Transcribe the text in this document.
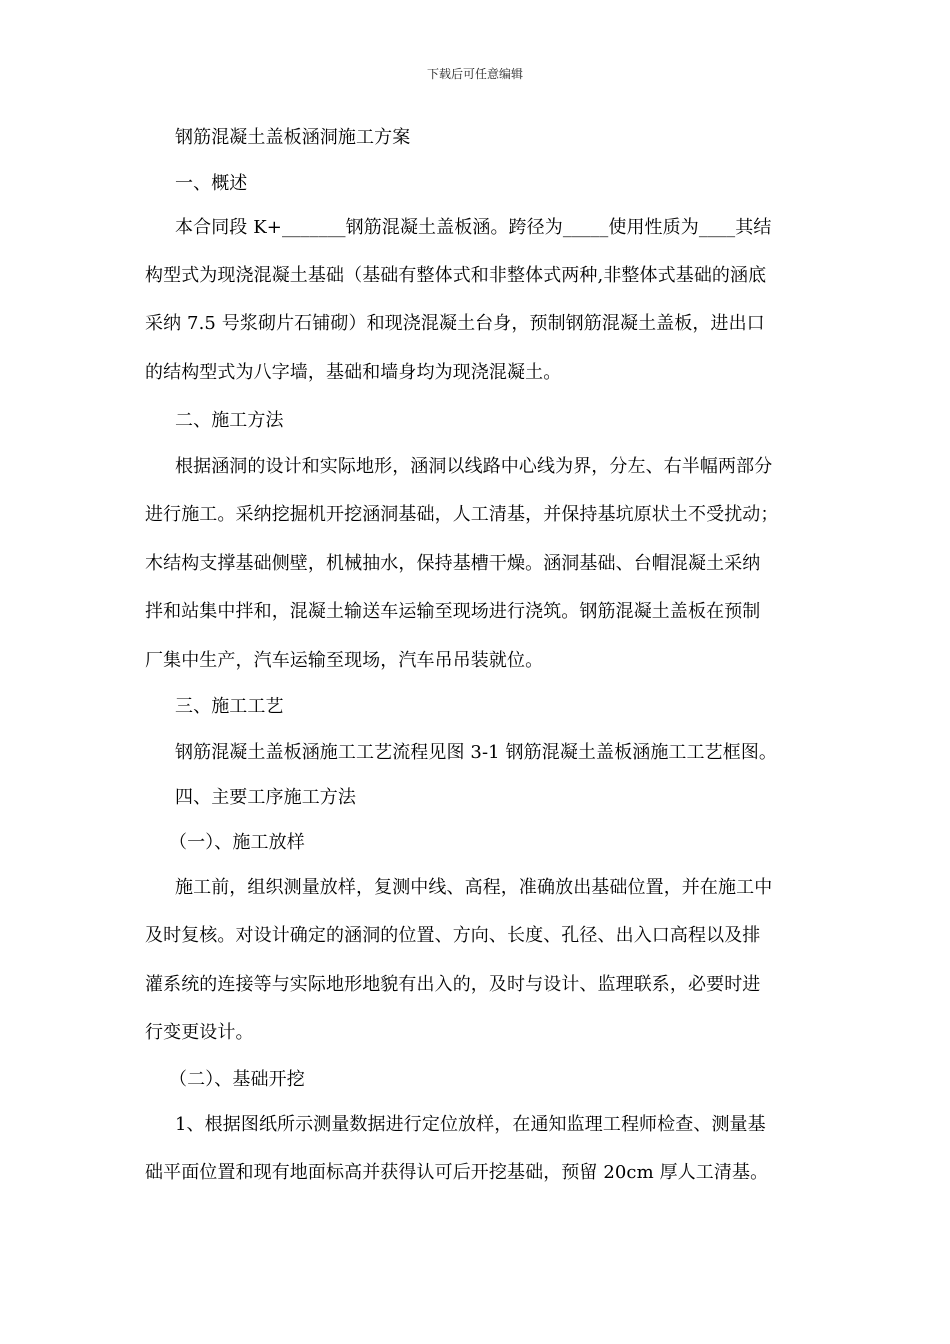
下载后可任意编辑
钢筋混凝土盖板涵洞施工方案
一、概述
本合同段 K+_______钢筋混凝土盖板涵。跨径为_____使用性质为____其结
构型式为现浇混凝土基础（基础有整体式和非整体式两种,非整体式基础的涵底
采纳 7.5 号浆砌片石铺砌）和现浇混凝土台身，预制钢筋混凝土盖板，进出口
的结构型式为八字墙，基础和墙身均为现浇混凝土。
二、施工方法
根据涵洞的设计和实际地形，涵洞以线路中心线为界，分左、右半幅两部分
进行施工。采纳挖掘机开挖涵洞基础，人工清基，并保持基坑原状土不受扰动；
木结构支撑基础侧壁，机械抽水，保持基槽干燥。涵洞基础、台帽混凝土采纳
拌和站集中拌和，混凝土输送车运输至现场进行浇筑。钢筋混凝土盖板在预制
厂集中生产，汽车运输至现场，汽车吊吊装就位。
三、施工工艺
钢筋混凝土盖板涵施工工艺流程见图 3-1 钢筋混凝土盖板涵施工工艺框图。
四、主要工序施工方法
（一）、施工放样
施工前，组织测量放样，复测中线、高程，准确放出基础位置，并在施工中
及时复核。对设计确定的涵洞的位置、方向、长度、孔径、出入口高程以及排
灌系统的连接等与实际地形地貌有出入的，及时与设计、监理联系，必要时进
行变更设计。
（二）、基础开挖
1、根据图纸所示测量数据进行定位放样，在通知监理工程师检查、测量基
础平面位置和现有地面标高并获得认可后开挖基础，预留 20cm 厚人工清基。
